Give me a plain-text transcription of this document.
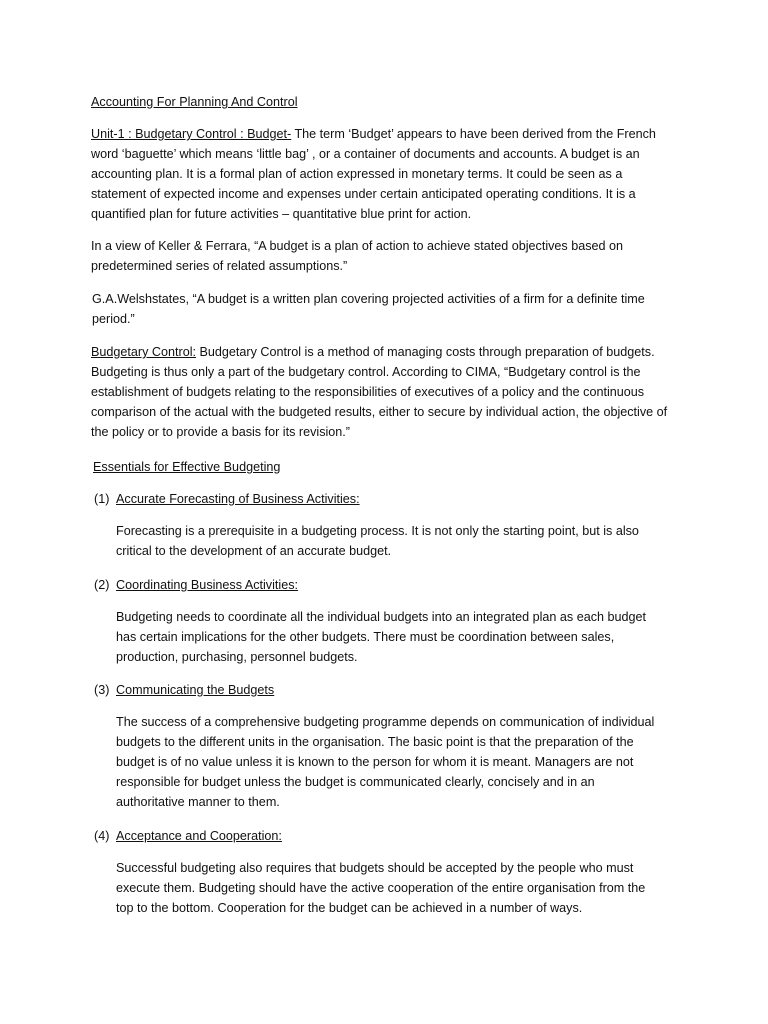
Accounting For Planning And Control

Unit-1 : Budgetary Control : Budget- The term ‘Budget’ appears to have been derived from the French word ‘baguette’ which means ‘little bag’ , or a container of documents and accounts. A budget is an accounting plan. It is a formal plan of action expressed in monetary terms. It could be seen as a statement of expected income and expenses under certain anticipated operating conditions. It is a quantified plan for future activities – quantitative blue print for action.

In a view of Keller & Ferrara, “A budget is a plan of action to achieve stated objectives based on predetermined series of related assumptions.”

G.A.Welshstates, “A budget is a written plan covering projected activities of a firm for a definite time period.”

Budgetary Control: Budgetary Control is a method of managing costs through preparation of budgets. Budgeting is thus only a part of the budgetary control. According to CIMA, “Budgetary control is the establishment of budgets relating to the responsibilities of executives of a policy and the continuous comparison of the actual with the budgeted results, either to secure by individual action, the objective of the policy or to provide a basis for its revision.”

Essentials for Effective Budgeting

(1) Accurate Forecasting of Business Activities:

Forecasting is a prerequisite in a budgeting process. It is not only the starting point, but is also critical to the development of an accurate budget.

(2) Coordinating Business Activities:

Budgeting needs to coordinate all the individual budgets into an integrated plan as each budget has certain implications for the other budgets. There must be coordination between sales, production, purchasing, personnel budgets.

(3) Communicating the Budgets

The success of a comprehensive budgeting programme depends on communication of individual budgets to the different units in the organisation. The basic point is that the preparation of the budget is of no value unless it is known to the person for whom it is meant. Managers are not responsible for budget unless the budget is communicated clearly, concisely and in an authoritative manner to them.

(4) Acceptance and Cooperation:

Successful budgeting also requires that budgets should be accepted by the people who must execute them. Budgeting should have the active cooperation of the entire organisation from the top to the bottom. Cooperation for the budget can be achieved in a number of ways.
